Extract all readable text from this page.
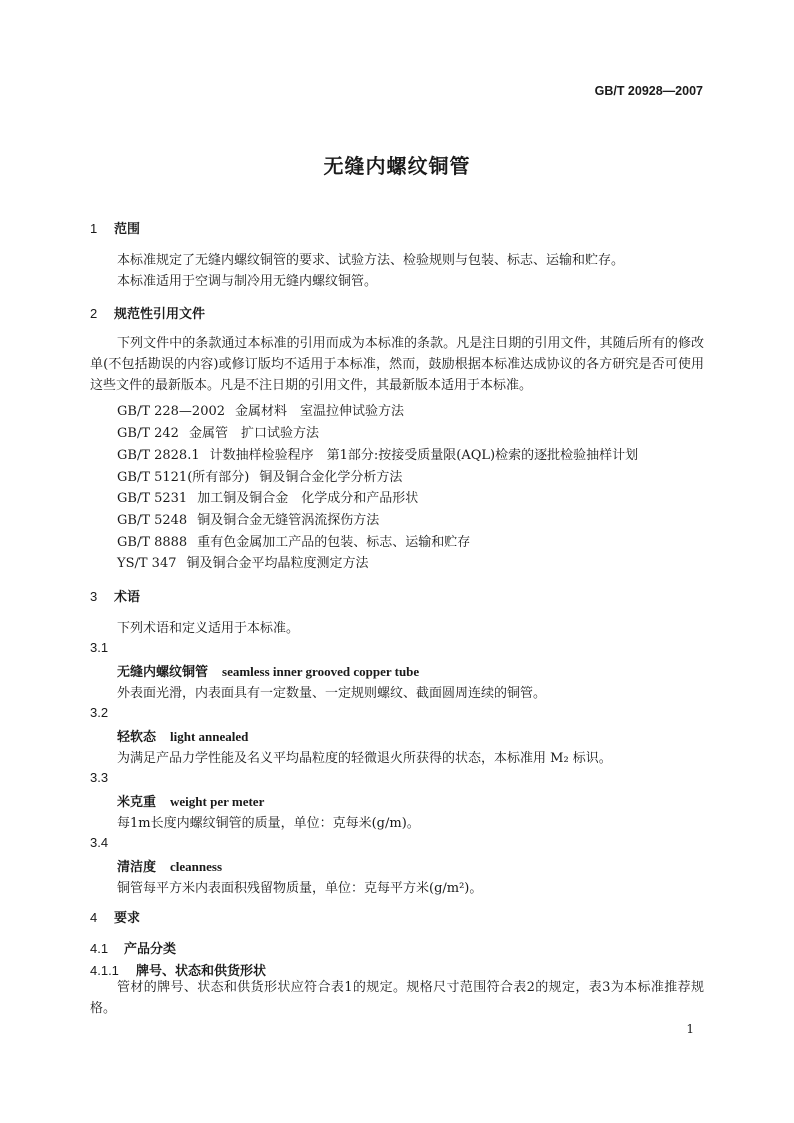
GB/T 20928—2007
无缝内螺纹铜管
1 范围
本标准规定了无缝内螺纹铜管的要求、试验方法、检验规则与包装、标志、运输和贮存。
本标准适用于空调与制冷用无缝内螺纹铜管。
2 规范性引用文件
下列文件中的条款通过本标准的引用而成为本标准的条款。凡是注日期的引用文件，其随后所有的修改单(不包括勘误的内容)或修订版均不适用于本标准，然而，鼓励根据本标准达成协议的各方研究是否可使用这些文件的最新版本。凡是不注日期的引用文件，其最新版本适用于本标准。
GB/T 228—2002 金属材料　室温拉伸试验方法
GB/T 242 金属管　扩口试验方法
GB/T 2828.1 计数抽样检验程序　第1部分:按接受质量限(AQL)检索的逐批检验抽样计划
GB/T 5121(所有部分) 铜及铜合金化学分析方法
GB/T 5231 加工铜及铜合金　化学成分和产品形状
GB/T 5248 铜及铜合金无缝管涡流探伤方法
GB/T 8888 重有色金属加工产品的包装、标志、运输和贮存
YS/T 347 铜及铜合金平均晶粒度测定方法
3 术语
下列术语和定义适用于本标准。
3.1
无缝内螺纹铜管 seamless inner grooved copper tube
外表面光滑，内表面具有一定数量、一定规则螺纹、截面圆周连续的铜管。
3.2
轻软态 light annealed
为满足产品力学性能及名义平均晶粒度的轻微退火所获得的状态，本标准用 M₂ 标识。
3.3
米克重 weight per meter
每1m长度内螺纹铜管的质量，单位：克每米(g/m)。
3.4
清洁度 cleanness
铜管每平方米内表面积残留物质量，单位：克每平方米(g/m²)。
4 要求
4.1 产品分类
4.1.1 牌号、状态和供货形状
管材的牌号、状态和供货形状应符合表1的规定。规格尺寸范围符合表2的规定，表3为本标准推荐规格。
1
